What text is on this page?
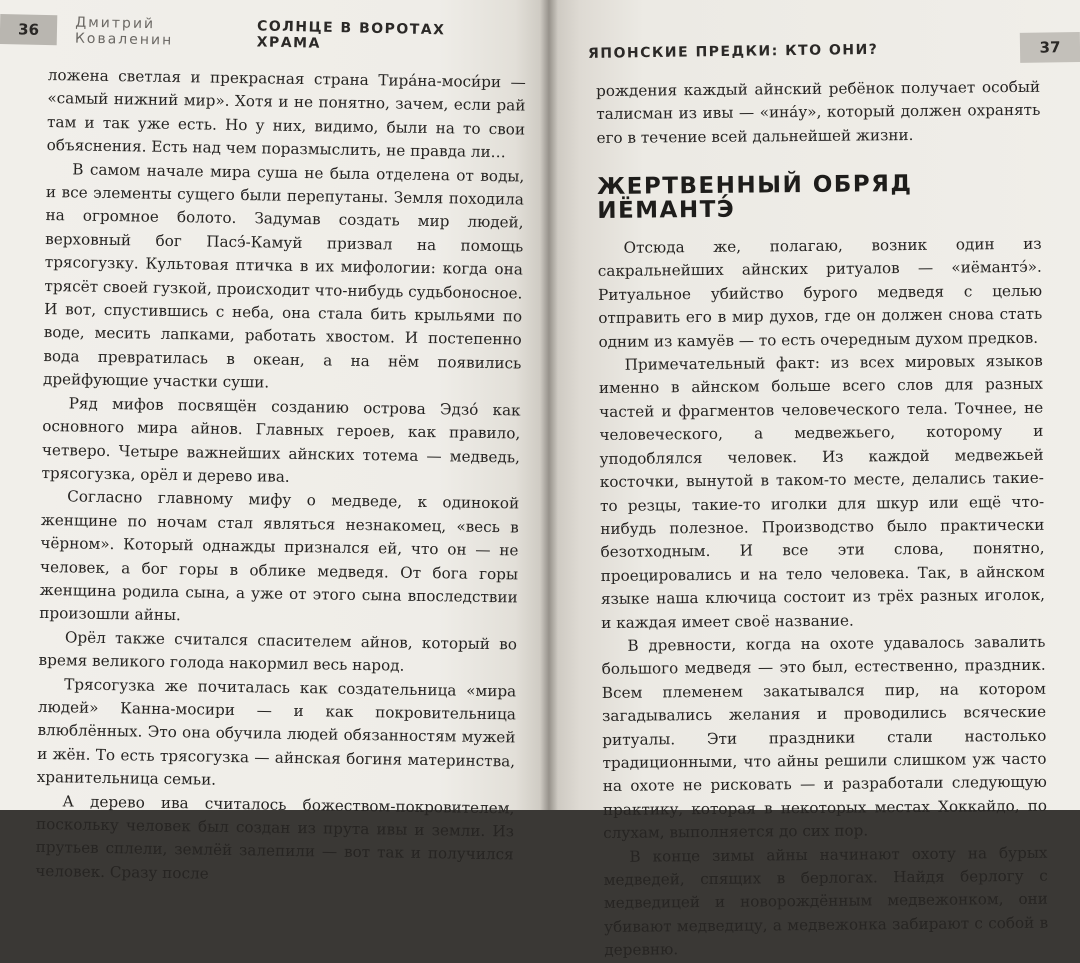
36	Дмитрий Коваленин
СОЛНЦЕ В ВОРОТАХ ХРАМА

ложена светлая и прекрасная страна Тира́на-моси́ри — «самый нижний мир». Хотя и не понятно, зачем, если рай там и так уже есть. Но у них, видимо, были на то свои объяснения. Есть над чем поразмыслить, не правда ли…

В самом начале мира суша не была отделена от воды, и все элементы сущего были перепутаны. Земля походила на огромное болото. Задумав создать мир людей, верховный бог Пасэ́-Камуй призвал на помощь трясогузку. Культовая птичка в их мифологии: когда она трясёт своей гузкой, происходит что-нибудь судьбоносное. И вот, спустившись с неба, она стала бить крыльями по воде, месить лапками, работать хвостом. И постепенно вода превратилась в океан, а на нём появились дрейфующие участки суши.

Ряд мифов посвящён созданию острова Эдзо́ как основного мира айнов. Главных героев, как правило, четверо. Четыре важнейших айнских тотема — медведь, трясогузка, орёл и дерево ива.

Согласно главному мифу о медведе, к одинокой женщине по ночам стал являться незнакомец, «весь в чёрном». Который однажды признался ей, что он — не человек, а бог горы в облике медведя. От бога горы женщина родила сына, а уже от этого сына впоследствии произошли айны.

Орёл также считался спасителем айнов, который во время великого голода накормил весь народ.

Трясогузка же почиталась как создательница «мира людей» Канна-мосири — и как покровительница влюблённых. Это она обучила людей обязанностям мужей и жён. То есть трясогузка — айнская богиня материнства, хранительница семьи.

А дерево ива считалось божеством-покровителем, поскольку человек был создан из прута ивы и земли. Из прутьев сплели, землёй залепили — вот так и получился человек. Сразу после

ЯПОНСКИЕ ПРЕДКИ: КТО ОНИ?	37

рождения каждый айнский ребёнок получает особый талисман из ивы — «ина́у», который должен охранять его в течение всей дальнейшей жизни.

ЖЕРТВЕННЫЙ ОБРЯД ИЁМАНТЭ́

Отсюда же, полагаю, возник один из сакральнейших айнских ритуалов — «иёмантэ́». Ритуальное убийство бурого медведя с целью отправить его в мир духов, где он должен снова стать одним из камуёв — то есть очередным духом предков.

Примечательный факт: из всех мировых языков именно в айнском больше всего слов для разных частей и фрагментов человеческого тела. Точнее, не человеческого, а медвежьего, которому и уподоблялся человек. Из каждой медвежьей косточки, вынутой в таком-то месте, делались такие-то резцы, такие-то иголки для шкур или ещё что-нибудь полезное. Производство было практически безотходным. И все эти слова, понятно, проецировались и на тело человека. Так, в айнском языке наша ключица состоит из трёх разных иголок, и каждая имеет своё название.

В древности, когда на охоте удавалось завалить большого медведя — это был, естественно, праздник. Всем племенем закатывался пир, на котором загадывались желания и проводились всяческие ритуалы. Эти праздники стали настолько традиционными, что айны решили слишком уж часто на охоте не рисковать — и разработали следующую практику, которая в некоторых местах Хоккайдо, по слухам, выполняется до сих пор.

В конце зимы айны начинают охоту на бурых медведей, спящих в берлогах. Найдя берлогу с медведицей и новорождённым медвежонком, они убивают медведицу, а медвежонка забирают с собой в деревню.
